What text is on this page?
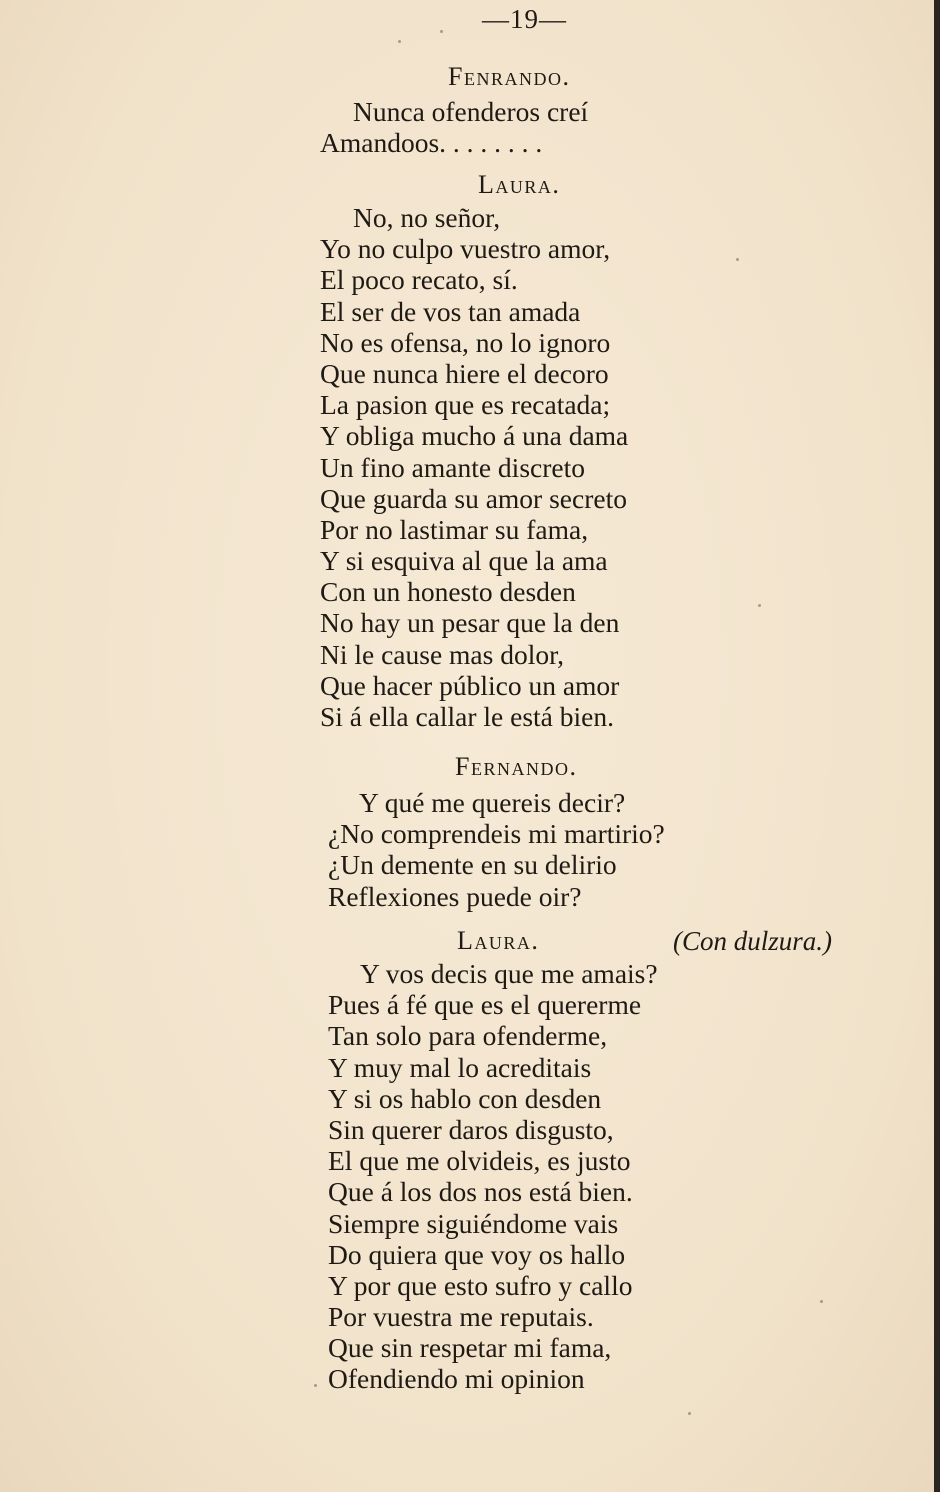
—19—
Fenrando.
Nunca ofenderos creí
Amandoos. . . . . . . .
Laura.
No, no señor,
Yo no culpo vuestro amor,
El poco recato, sí.
El ser de vos tan amada
No es ofensa, no lo ignoro
Que nunca hiere el decoro
La pasion que es recatada;
Y obliga mucho á una dama
Un fino amante discreto
Que guarda su amor secreto
Por no lastimar su fama,
Y si esquiva al que la ama
Con un honesto desden
No hay un pesar que la den
Ni le cause mas dolor,
Que hacer público un amor
Si á ella callar le está bien.
Fernando.
Y qué me quereis decir?
¿No comprendeis mi martirio?
¿Un demente en su delirio
Reflexiones puede oir?
Laura.	(Con dulzura.)
Y vos decis que me amais?
Pues á fé que es el quererme
Tan solo para ofenderme,
Y muy mal lo acreditais
Y si os hablo con desden
Sin querer daros disgusto,
El que me olvideis, es justo
Que á los dos nos está bien.
Siempre siguiéndome vais
Do quiera que voy os hallo
Y por que esto sufro y callo
Por vuestra me reputais.
Que sin respetar mi fama,
Ofendiendo mi opinion
